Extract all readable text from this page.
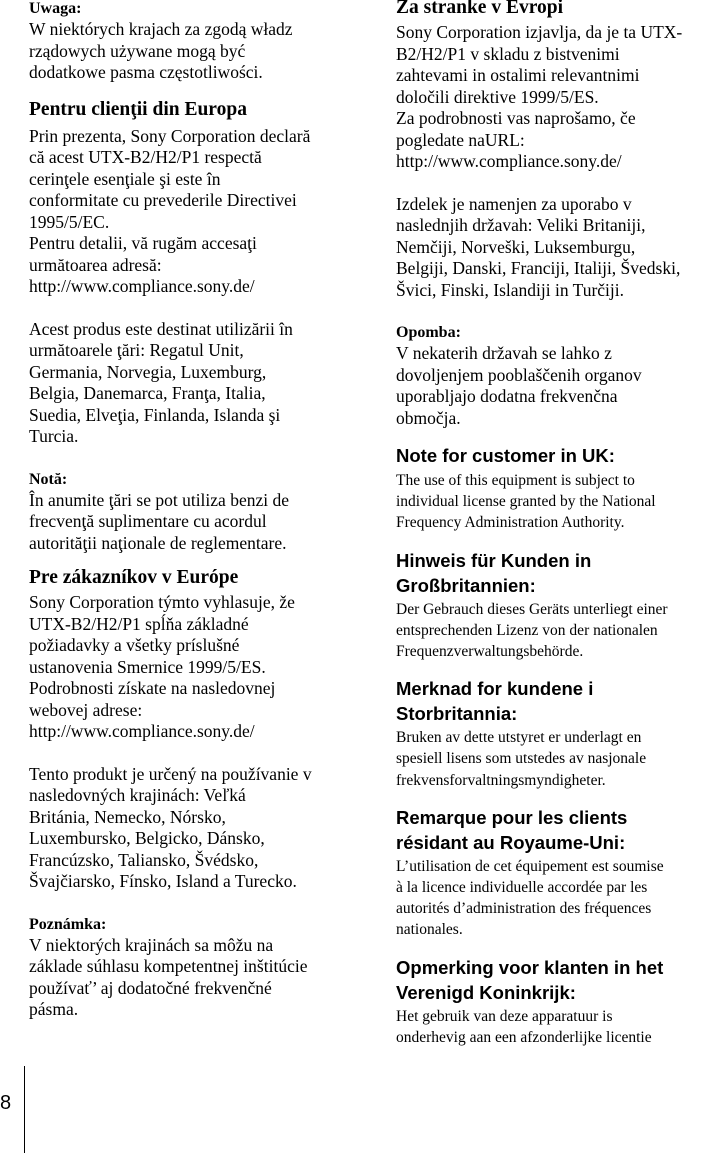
Uwaga:

W niektórych krajach za zgodą władz
rządowych używane mogą być
dodatkowe pasma częstotliwości.

Pentru clienţii din Europa

Prin prezenta, Sony Corporation declară
că acest UTX-B2/H2/P1 respectă
cerinţele esenţiale şi este în
conformitate cu prevederile Directivei
1995/5/EC.
Pentru detalii, vă rugăm accesaţi
următoarea adresă:
http://www.compliance.sony.de/

Acest produs este destinat utilizării în
următoarele ţări: Regatul Unit,
Germania, Norvegia, Luxemburg,
Belgia, Danemarca, Franţa, Italia,
Suedia, Elveţia, Finlanda, Islanda şi
Turcia.

Notă:

În anumite ţări se pot utiliza benzi de
frecvenţă suplimentare cu acordul
autorităţii naţionale de reglementare.

Pre zákazníkov v Európe

Sony Corporation týmto vyhlasuje, že
UTX-B2/H2/P1 spĺňa základné
požiadavky a všetky príslušné
ustanovenia Smernice 1999/5/ES.
Podrobnosti získate na nasledovnej
webovej adrese:
http://www.compliance.sony.de/

Tento produkt je určený na používanie v
nasledovných krajinách: Veľká
Británia, Nemecko, Nórsko,
Luxembursko, Belgicko, Dánsko,
Francúzsko, Taliansko, Švédsko,
Švajčiarsko, Fínsko, Island a Turecko.

Poznámka:

V niektorých krajinách sa môžu na
základe súhlasu kompetentnej inštitúcie
používať’ aj dodatočné frekvenčné
pásma.

Za stranke v Evropi

Sony Corporation izjavlja, da je ta UTX-
B2/H2/P1 v skladu z bistvenimi
zahtevami in ostalimi relevantnimi
določili direktive 1999/5/ES.
Za podrobnosti vas naprošamo, če
pogledate naURL:
http://www.compliance.sony.de/

Izdelek je namenjen za uporabo v
naslednjih državah: Veliki Britaniji,
Nemčiji, Norveški, Luksemburgu,
Belgiji, Danski, Franciji, Italiji, Švedski,
Švici, Finski, Islandiji in Turčiji.

Opomba:

V nekaterih državah se lahko z
dovoljenjem pooblaščenih organov
uporabljajo dodatna frekvenčna
območja.

Note for customer in UK:

The use of this equipment is subject to
individual license granted by the National
Frequency Administration Authority.

Hinweis für Kunden in
Großbritannien:

Der Gebrauch dieses Geräts unterliegt einer
entsprechenden Lizenz von der nationalen
Frequenzverwaltungsbehörde.

Merknad for kundene i
Storbritannia:

Bruken av dette utstyret er underlagt en
spesiell lisens som utstedes av nasjonale
frekvensforvaltningsmyndigheter.

Remarque pour les clients
résidant au Royaume-Uni:

L’utilisation de cet équipement est soumise
à la licence individuelle accordée par les
autorités d’administration des fréquences
nationales.

Opmerking voor klanten in het
Verenigd Koninkrijk:

Het gebruik van deze apparatuur is
onderhevig aan een afzonderlijke licentie

8
